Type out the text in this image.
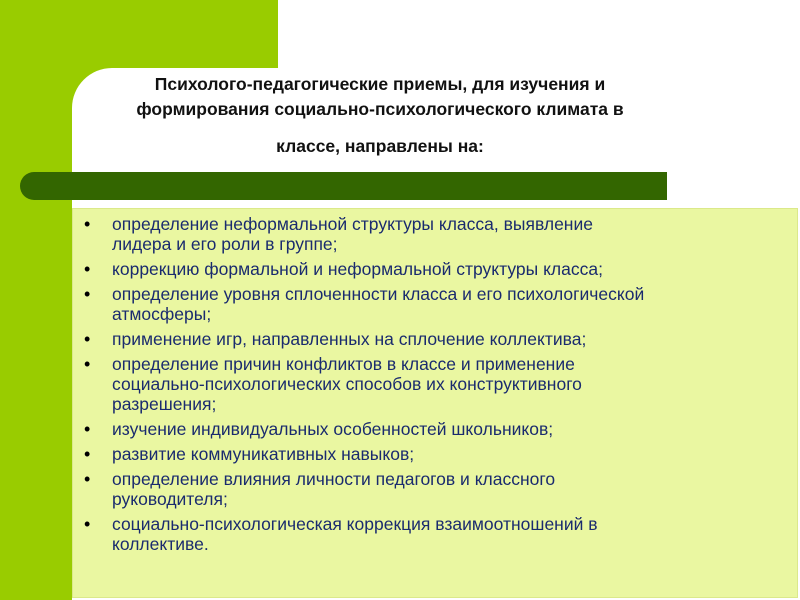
Психолого-педагогические приемы, для изучения и
формирования социально-психологического климата в
классе, направлены на:
• определение неформальной структуры класса, выявление
лидера и его роли в группе;
• коррекцию формальной и неформальной структуры класса;
• определение уровня сплоченности класса и его психологической
атмосферы;
• применение игр, направленных на сплочение коллектива;
• определение причин конфликтов в классе и применение
социально-психологических способов их конструктивного
разрешения;
• изучение индивидуальных особенностей школьников;
• развитие коммуникативных навыков;
• определение влияния личности педагогов и классного
руководителя;
• социально-психологическая коррекция взаимоотношений в
коллективе.
